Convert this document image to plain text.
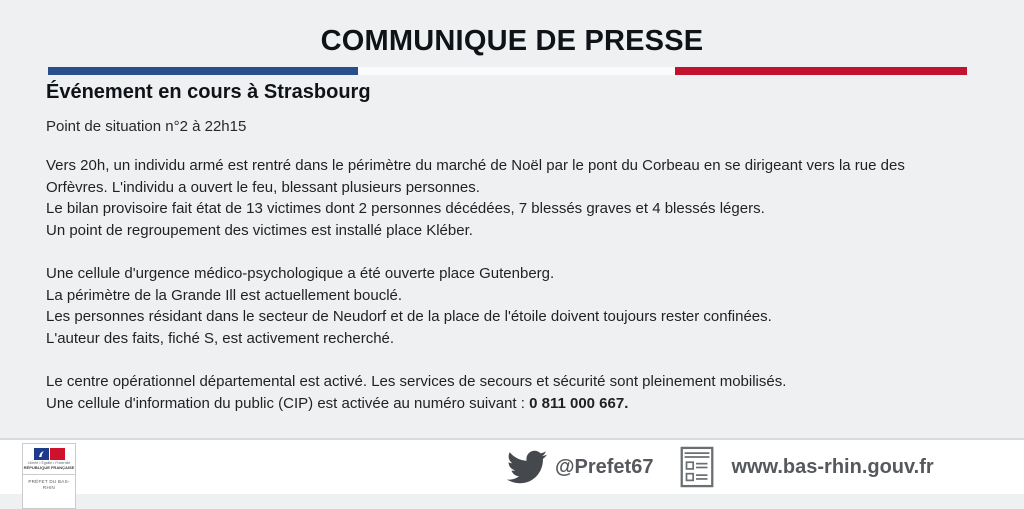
COMMUNIQUE DE PRESSE
Événement en cours à Strasbourg
Point de situation n°2 à 22h15
Vers 20h, un individu armé est rentré dans le périmètre du marché de Noël par le pont du Corbeau en se dirigeant vers la rue des
Orfèvres. L'individu a ouvert le feu, blessant plusieurs personnes.
Le bilan provisoire fait état de 13 victimes dont 2 personnes décédées, 7 blessés graves et 4 blessés légers.
Un point de regroupement des victimes est installé place Kléber.
Une cellule d'urgence médico-psychologique a été ouverte place Gutenberg.
La périmètre de la Grande Ill est actuellement bouclé.
Les personnes résidant dans le secteur de Neudorf et de la place de l'étoile doivent toujours rester confinées.
L'auteur des faits, fiché S, est activement recherché.
Le centre opérationnel départemental est activé. Les services de secours et sécurité sont pleinement mobilisés.
Une cellule d'information du public (CIP) est activée au numéro suivant : 0 811 000 667.
Liberté • Égalité • Fraternité
RÉPUBLIQUE FRANÇAISE
PRÉFET DU BAS-RHIN
@Prefet67	www.bas-rhin.gouv.fr
